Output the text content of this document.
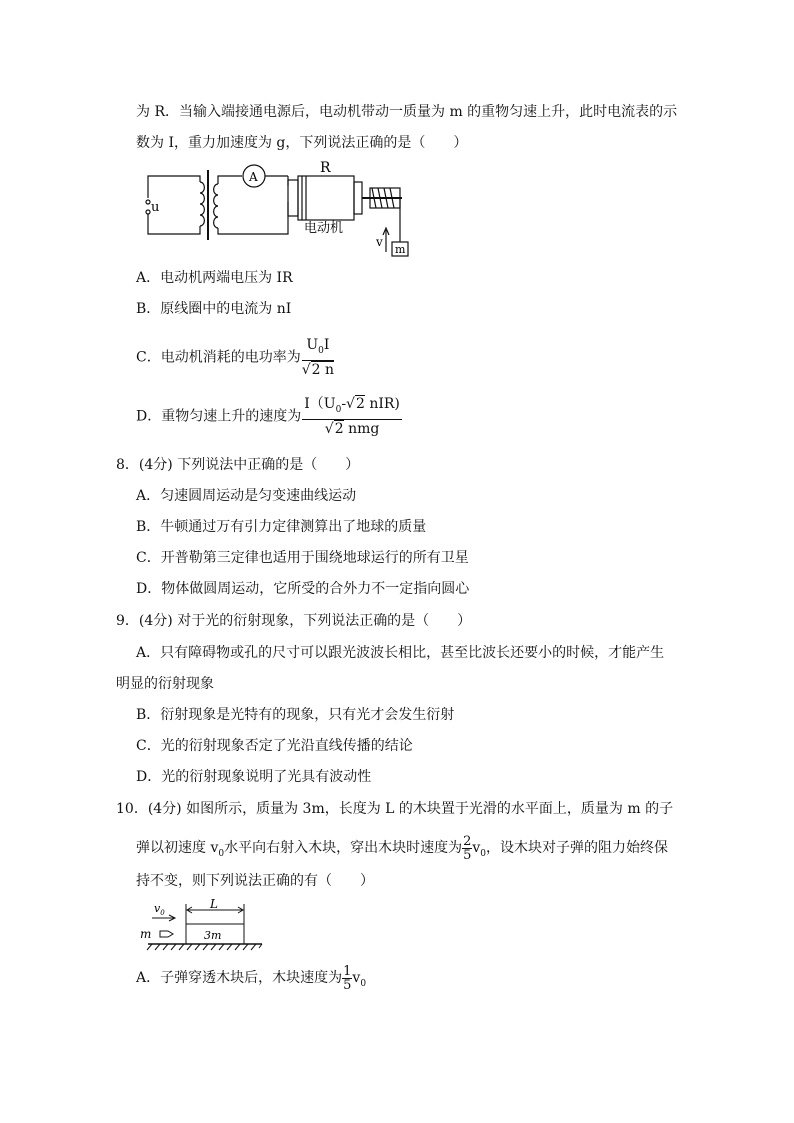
为 R．当输入端接通电源后，电动机带动一质量为 m 的重物匀速上升，此时电流表的示
数为 I，重力加速度为 g，下列说法正确的是（　　）
u
A
R
电动机
v
m
A．电动机两端电压为 IR
B．原线圈中的电流为 nI
C．电动机消耗的电功率为 $\frac{U_0I}{√2 n}$
D．重物匀速上升的速度为 $\frac{I(U_0-√2 nIR)}{\text{√2 nmg}}$
8．(4分) 下列说法中正确的是（　　）
A．匀速圆周运动是匀变速曲线运动
B．牛顿通过万有引力定律测算出了地球的质量
C．开普勒第三定律也适用于围绕地球运行的所有卫星
D．物体做圆周运动，它所受的合外力不一定指向圆心
9．(4分) 对于光的衍射现象，下列说法正确的是（　　）
A．只有障碍物或孔的尺寸可以跟光波波长相比，甚至比波长还要小的时候，才能产生
明显的衍射现象
B．衍射现象是光特有的现象，只有光才会发生衍射
C．光的衍射现象否定了光沿直线传播的结论
D．光的衍射现象说明了光具有波动性
10．(4分) 如图所示，质量为 3m，长度为 L 的木块置于光滑的水平面上，质量为 m 的子
弹以初速度 $v_0$水平向右射入木块，穿出木块时速度为 $\frac{2}{5} v_0$，设木块对子弹的阻力始终保
持不变，则下列说法正确的有（　　）
$v_0$
L
m	3m
A．子弹穿透木块后，木块速度为 $\frac{1}{5} v_0$
